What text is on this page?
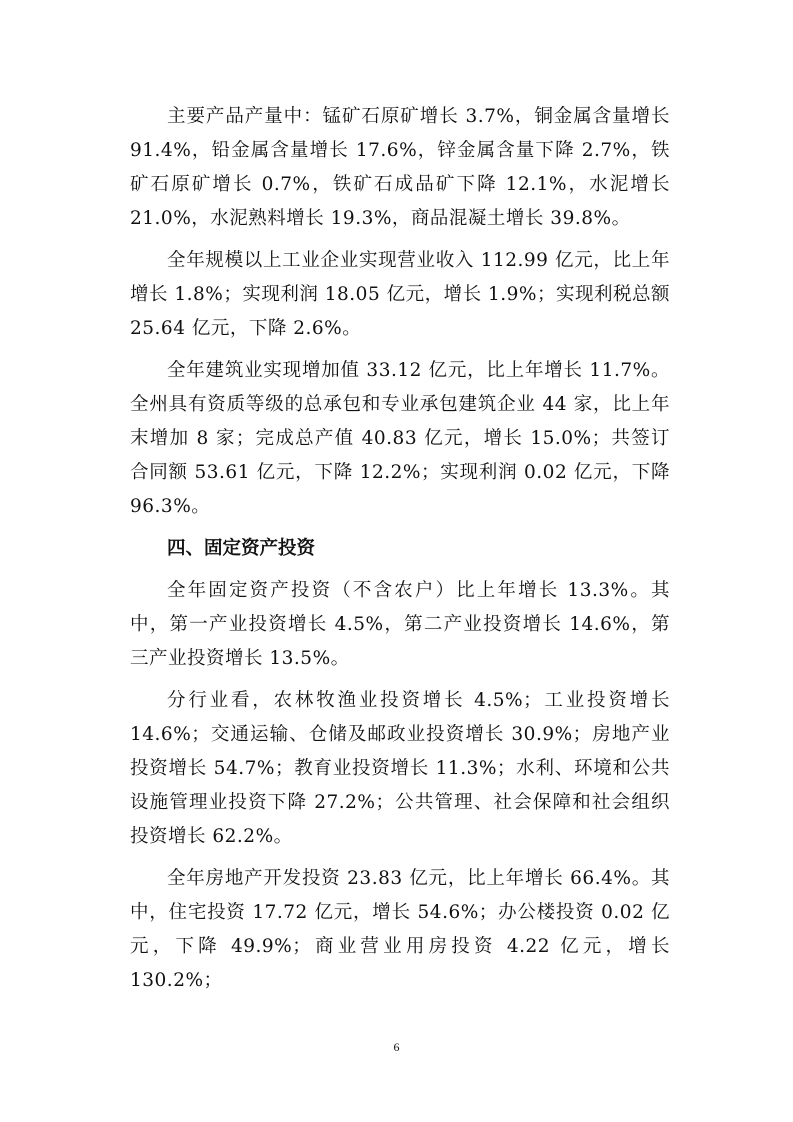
主要产品产量中：锰矿石原矿增长 3.7%，铜金属含量增长 91.4%，铅金属含量增长 17.6%，锌金属含量下降 2.7%，铁矿石原矿增长 0.7%，铁矿石成品矿下降 12.1%，水泥增长 21.0%，水泥熟料增长 19.3%，商品混凝土增长 39.8%。

全年规模以上工业企业实现营业收入 112.99 亿元，比上年增长 1.8%；实现利润 18.05 亿元，增长 1.9%；实现利税总额 25.64 亿元，下降 2.6%。

全年建筑业实现增加值 33.12 亿元，比上年增长 11.7%。全州具有资质等级的总承包和专业承包建筑企业 44 家，比上年末增加 8 家；完成总产值 40.83 亿元，增长 15.0%；共签订合同额 53.61 亿元，下降 12.2%；实现利润 0.02 亿元，下降 96.3%。

四、固定资产投资

全年固定资产投资（不含农户）比上年增长 13.3%。其中，第一产业投资增长 4.5%，第二产业投资增长 14.6%，第三产业投资增长 13.5%。

分行业看，农林牧渔业投资增长 4.5%；工业投资增长 14.6%；交通运输、仓储及邮政业投资增长 30.9%；房地产业投资增长 54.7%；教育业投资增长 11.3%；水利、环境和公共设施管理业投资下降 27.2%；公共管理、社会保障和社会组织投资增长 62.2%。

全年房地产开发投资 23.83 亿元，比上年增长 66.4%。其中，住宅投资 17.72 亿元，增长 54.6%；办公楼投资 0.02 亿元，下降 49.9%；商业营业用房投资 4.22 亿元，增长 130.2%；

6
